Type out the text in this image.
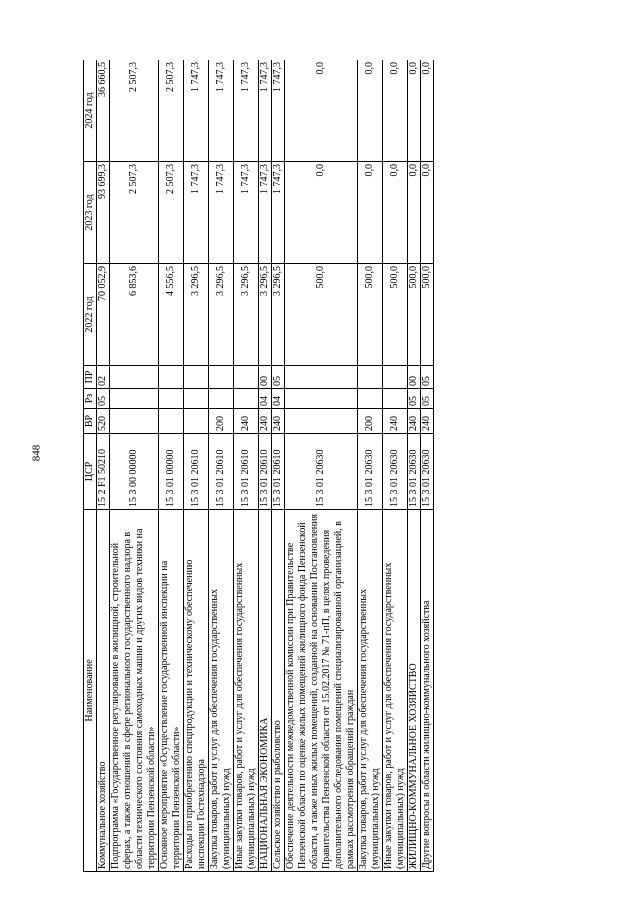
848
Наименование	ЦСР	ВР	Рз	ПР	2022 год	2023 год	2024 год
Коммунальное хозяйство	15 2 F1 50210	520	05	02	70 052,9	93 699,3	36 660,5
Подпрограмма «Государственное регулирование в жилищной, строительной сферах, а также отношений в сфере регионального государственного надзора в области технического состояния самоходных машин и других видов техники на территории Пензенской области»	15 3 00 00000				6 853,6	2 507,3	2 507,3
Основное мероприятие «Осуществление государственной инспекции на территории Пензенской области»	15 3 01 00000				4 556,5	2 507,3	2 507,3
Расходы по приобретению спецпродукции и техническому обеспечению инспекции Гостехнадзора	15 3 01 20610				3 296,5	1 747,3	1 747,3
Закупка товаров, работ и услуг для обеспечения государственных (муниципальных) нужд	15 3 01 20610	200			3 296,5	1 747,3	1 747,3
Иные закупки товаров, работ и услуг для обеспечения государственных (муниципальных) нужд	15 3 01 20610	240			3 296,5	1 747,3	1 747,3
НАЦИОНАЛЬНАЯ ЭКОНОМИКА	15 3 01 20610	240	04	00	3 296,5	1 747,3	1 747,3
Сельское хозяйство и рыболовство	15 3 01 20610	240	04	05	3 296,5	1 747,3	1 747,3
Обеспечение деятельности межведомственной комиссии при Правительстве Пензенской области по оценке жилых помещений жилищного фонда Пензенской области, а также иных жилых помещений, созданной на основании Постановления Правительства Пензенской области от 15.02.2017 № 71-пП, в целях проведения дополнительного обследования помещений специализированной организацией, в рамках рассмотрения обращений граждан	15 3 01 20630				500,0	0,0	0,0
Закупка товаров, работ и услуг для обеспечения государственных (муниципальных) нужд	15 3 01 20630	200			500,0	0,0	0,0
Иные закупки товаров, работ и услуг для обеспечения государственных (муниципальных) нужд	15 3 01 20630	240			500,0	0,0	0,0
ЖИЛИЩНО-КОММУНАЛЬНОЕ ХОЗЯЙСТВО	15 3 01 20630	240	05	00	500,0	0,0	0,0
Другие вопросы в области жилищно-коммунального хозяйства	15 3 01 20630	240	05	05	500,0	0,0	0,0
